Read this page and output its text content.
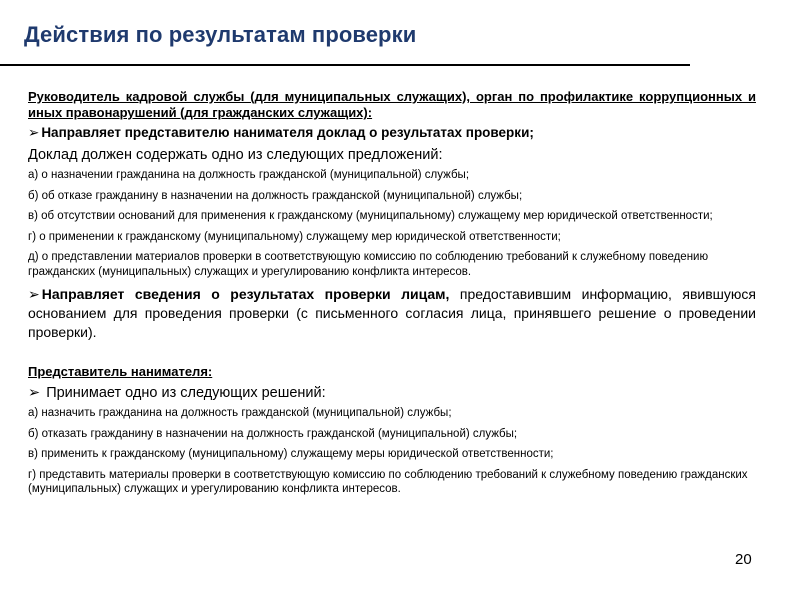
Действия по результатам проверки

Руководитель кадровой службы (для муниципальных служащих), орган по профилактике коррупционных и иных правонарушений (для гражданских служащих):

➢ Направляет представителю нанимателя доклад о результатах проверки;

Доклад должен содержать одно из следующих предложений:

а) о назначении гражданина на должность гражданской (муниципальной) службы;

б) об отказе гражданину в назначении на должность гражданской (муниципальной) службы;

в) об отсутствии оснований для применения к гражданскому (муниципальному) служащему мер юридической ответственности;

г) о применении к гражданскому (муниципальному) служащему мер юридической ответственности;

д) о представлении материалов проверки в соответствующую комиссию по соблюдению требований к служебному поведению гражданских (муниципальных) служащих и урегулированию конфликта интересов.

➢ Направляет сведения о результатах проверки лицам, предоставившим информацию, явившуюся основанием для проведения проверки (с письменного согласия лица, принявшего решение о проведении проверки).

Представитель нанимателя:

➢ Принимает одно из следующих решений:

а) назначить гражданина на должность гражданской (муниципальной) службы;

б) отказать гражданину в назначении на должность гражданской (муниципальной) службы;

в) применить к гражданскому (муниципальному) служащему меры юридической ответственности;

г) представить материалы проверки в соответствующую комиссию по соблюдению требований к служебному поведению гражданских (муниципальных) служащих и урегулированию конфликта интересов.

20
